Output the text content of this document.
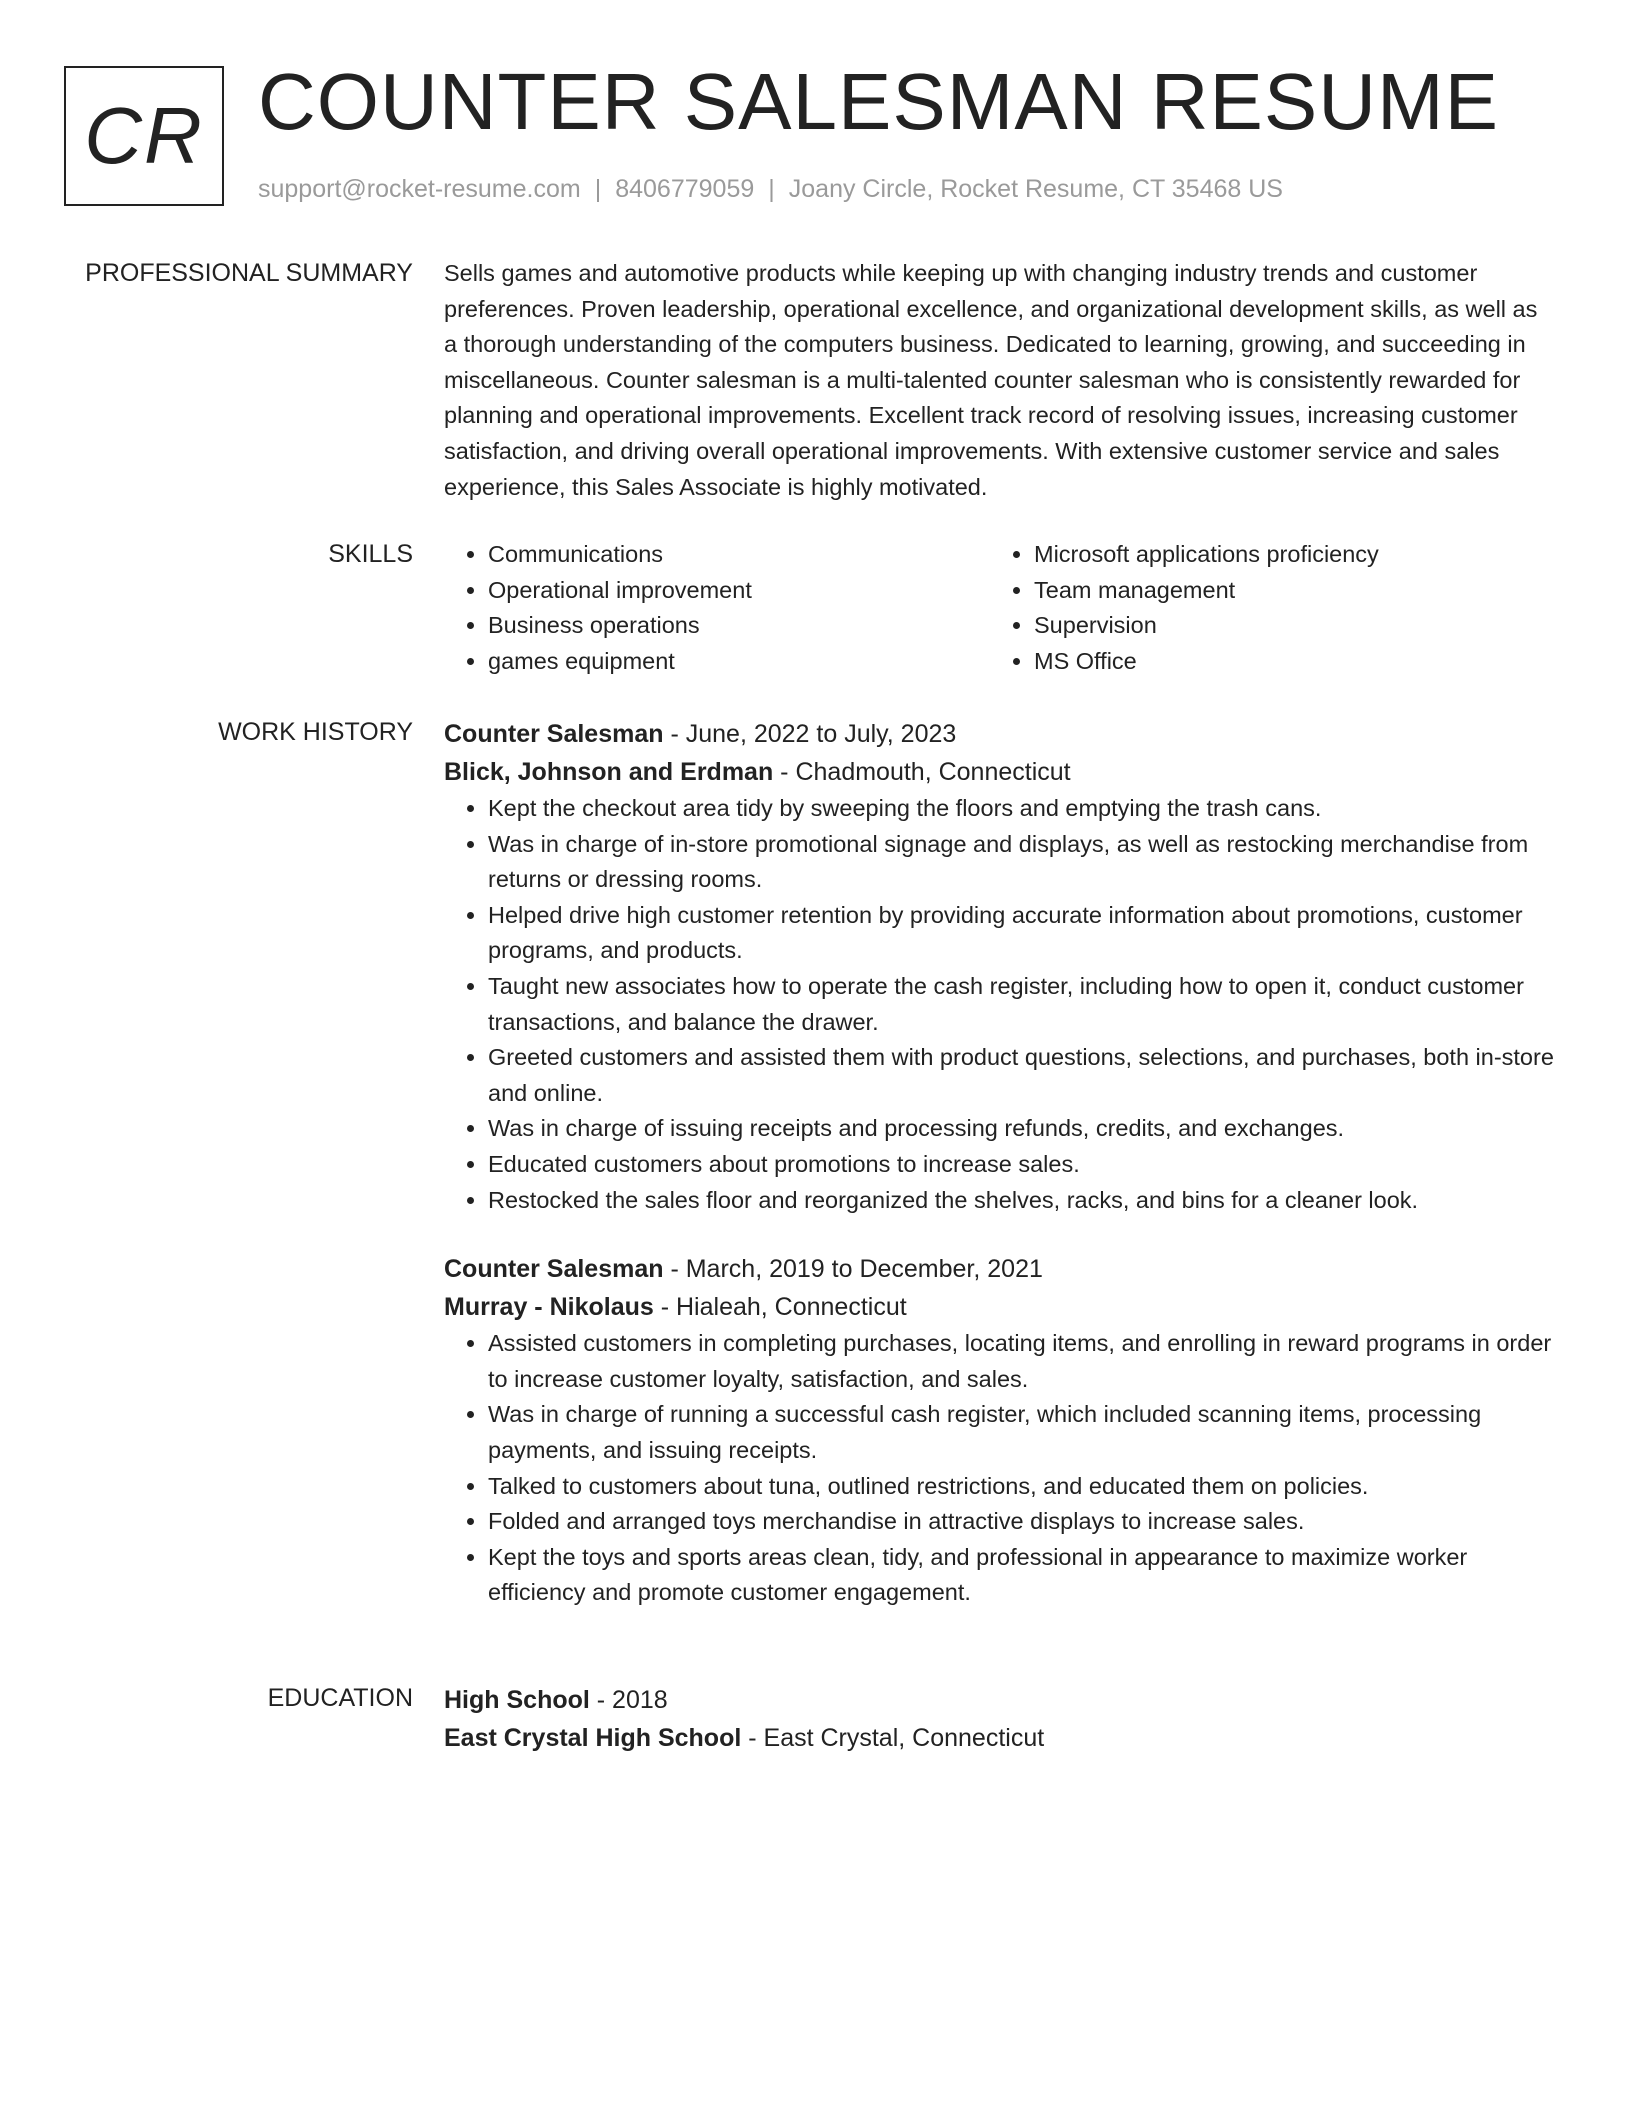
CR COUNTER SALESMAN RESUME
support@rocket-resume.com | 8406779059 | Joany Circle, Rocket Resume, CT 35468 US
PROFESSIONAL SUMMARY Sells games and automotive products while keeping up with changing industry trends and customer preferences. Proven leadership, operational excellence, and organizational development skills, as well as a thorough understanding of the computers business. Dedicated to learning, growing, and succeeding in miscellaneous. Counter salesman is a multi-talented counter salesman who is consistently rewarded for planning and operational improvements. Excellent track record of resolving issues, increasing customer satisfaction, and driving overall operational improvements. With extensive customer service and sales experience, this Sales Associate is highly motivated.

SKILLS
•	Communications
• Operational improvement
• Business operations
• games equipment
• Microsoft applications proficiency
• Team management
• Supervision
• MS Office
WORK HISTORY Counter Salesman - June, 2022 to July, 2023
Blick, Johnson and Erdman - Chadmouth, Connecticut
• Kept the checkout area tidy by sweeping the floors and emptying the trash cans.
• Was in charge of in-store promotional signage and displays, as well as restocking merchandise from returns or dressing rooms.
• Helped drive high customer retention by providing accurate information about promotions, customer programs, and products.
• Taught new associates how to operate the cash register, including how to open it, conduct customer transactions, and balance the drawer.
• Greeted customers and assisted them with product questions, selections, and purchases, both in-store and online.
• Was in charge of issuing receipts and processing refunds, credits, and exchanges.
• Educated customers about promotions to increase sales.
• Restocked the sales floor and reorganized the shelves, racks, and bins for a cleaner look.
Counter Salesman - March, 2019 to December, 2021
Murray - Nikolaus - Hialeah, Connecticut
• Assisted customers in completing purchases, locating items, and enrolling in reward programs in order to increase customer loyalty, satisfaction, and sales.
• Was in charge of running a successful cash register, which included scanning items, processing payments, and issuing receipts.
• Talked to customers about tuna, outlined restrictions, and educated them on policies.
• Folded and arranged toys merchandise in attractive displays to increase sales.
• Kept the toys and sports areas clean, tidy, and professional in appearance to maximize worker efficiency and promote customer engagement.
EDUCATION High School - 2018
East Crystal High School - East Crystal, Connecticut
